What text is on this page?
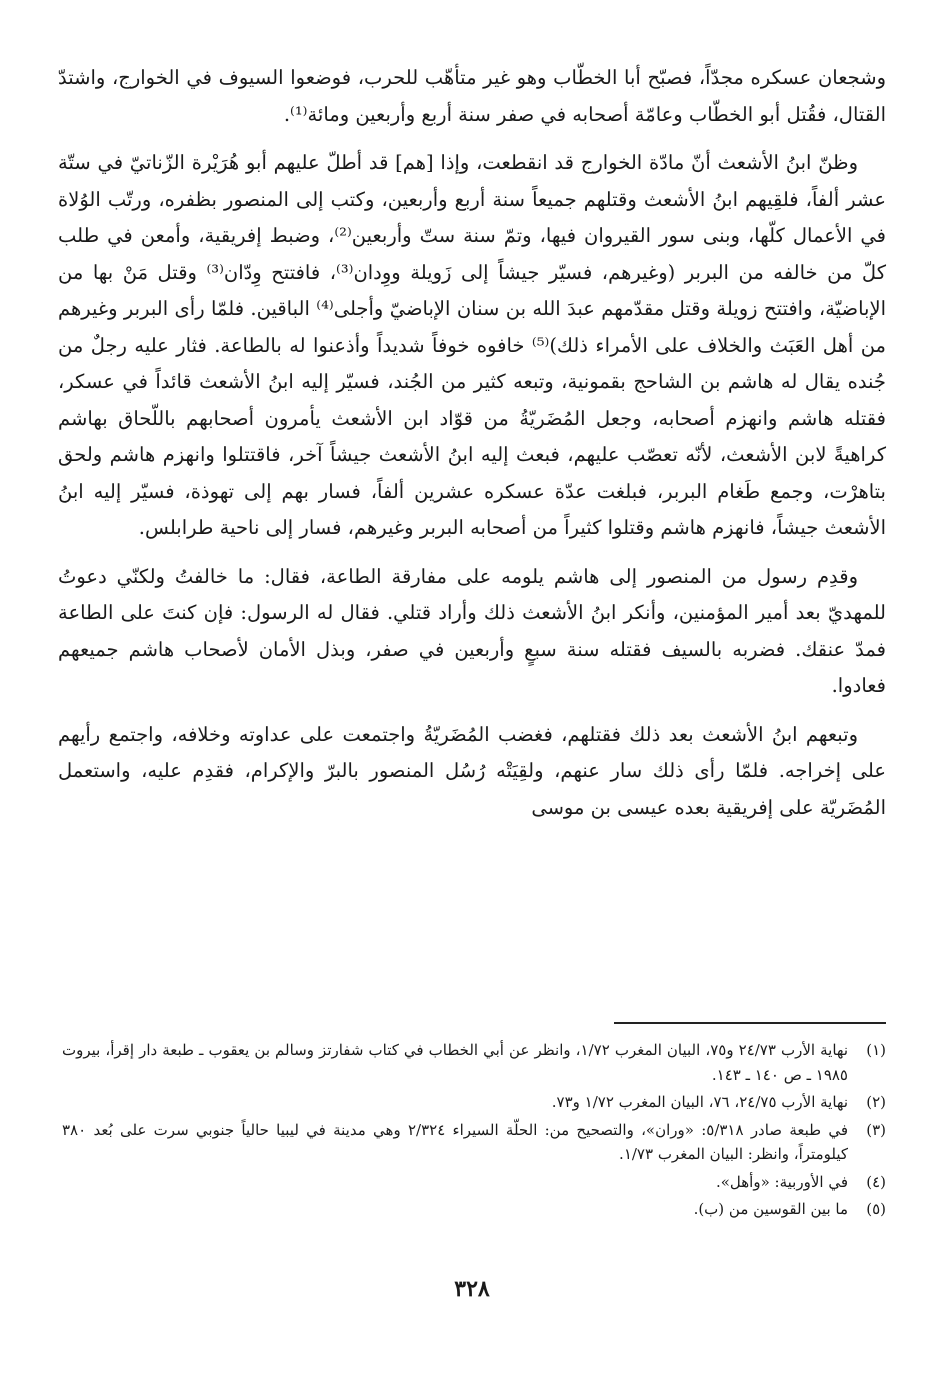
وشجعان عسكره مجدّاً، فصبّح أبا الخطّاب وهو غير متأهّب للحرب، فوضعوا السيوف في الخوارج، واشتدّ القتال، فقُتل أبو الخطّاب وعامّة أصحابه في صفر سنة أربع وأربعين ومائة⁽¹⁾.

وظنّ ابنُ الأشعث أنّ مادّة الخوارج قد انقطعت، وإذا [هم] قد أطلّ عليهم أبو هُرَيْرة الزّناتيّ في ستّة عشر ألفاً، فلقِيهم ابنُ الأشعث وقتلهم جميعاً سنة أربع وأربعين، وكتب إلى المنصور بظفره، ورتّب الوُلاة في الأعمال كلّها، وبنى سور القيروان فيها، وتمّ سنة ستّ وأربعين⁽²⁾، وضبط إفريقية، وأمعن في طلب كلّ من خالفه من البربر (وغيرهم، فسيّر جيشاً إلى زَويلة ووِدان⁽³⁾، فافتتح وِدّان⁽³⁾ وقتل مَنْ بها من الإباضيّة، وافتتح زويلة وقتل مقدّمهم عبدَ الله بن سنان الإباضيّ وأجلى⁽⁴⁾ الباقين. فلمّا رأى البربر وغيرهم من أهل العَبَث والخلاف على الأمراء ذلك)⁽⁵⁾ خافوه خوفاً شديداً وأذعنوا له بالطاعة. فثار عليه رجلٌ من جُنده يقال له هاشم بن الشاحج بقمونية، وتبعه كثير من الجُند، فسيّر إليه ابنُ الأشعث قائداً في عسكر، فقتله هاشم وانهزم أصحابه، وجعل المُضَريّةُ من قوّاد ابن الأشعث يأمرون أصحابهم باللّحاق بهاشم كراهيةً لابن الأشعث، لأنّه تعصّب عليهم، فبعث إليه ابنُ الأشعث جيشاً آخر، فاقتتلوا وانهزم هاشم ولحق بتاهرْت، وجمع طَغام البربر، فبلغت عدّة عسكره عشرين ألفاً، فسار بهم إلى تهوذة، فسيّر إليه ابنُ الأشعث جيشاً، فانهزم هاشم وقتلوا كثيراً من أصحابه البربر وغيرهم، فسار إلى ناحية طرابلس.

وقدِم رسول من المنصور إلى هاشم يلومه على مفارقة الطاعة، فقال: ما خالفتُ ولكنّي دعوتُ للمهديّ بعد أمير المؤمنين، وأنكر ابنُ الأشعث ذلك وأراد قتلي. فقال له الرسول: فإن كنتَ على الطاعة فمدّ عنقك. فضربه بالسيف فقتله سنة سبعٍ وأربعين في صفر، وبذل الأمان لأصحاب هاشم جميعهم فعادوا.

وتبعهم ابنُ الأشعث بعد ذلك فقتلهم، فغضب المُضَريّةُ واجتمعت على عداوته وخلافه، واجتمع رأيهم على إخراجه. فلمّا رأى ذلك سار عنهم، ولقِيَتْه رُسُل المنصور بالبرّ والإكرام، فقدِم عليه، واستعمل المُضَريّة على إفريقية بعده عيسى بن موسى

(١)
نهاية الأرب ٢٤/٧٣ و٧٥، البيان المغرب ١/٧٢، وانظر عن أبي الخطاب في كتاب شفارتز وسالم بن يعقوب ـ طبعة دار إقرأ، بيروت ١٩٨٥ ـ ص ١٤٠ ـ ١٤٣.
(٢)
نهاية الأرب ٢٤/٧٥، ٧٦، البيان المغرب ١/٧٢ و٧٣.
(٣)
في طبعة صادر ٥/٣١٨: «وران»، والتصحيح من: الحلّة السيراء ٢/٣٢٤ وهي مدينة في ليبيا حالياً جنوبي سرت على بُعد ٣٨٠ كيلومتراً، وانظر: البيان المغرب ١/٧٣.
(٤)
في الأوربية: «وأهل».
(٥)
ما بين القوسين من (ب).
٣٢٨
